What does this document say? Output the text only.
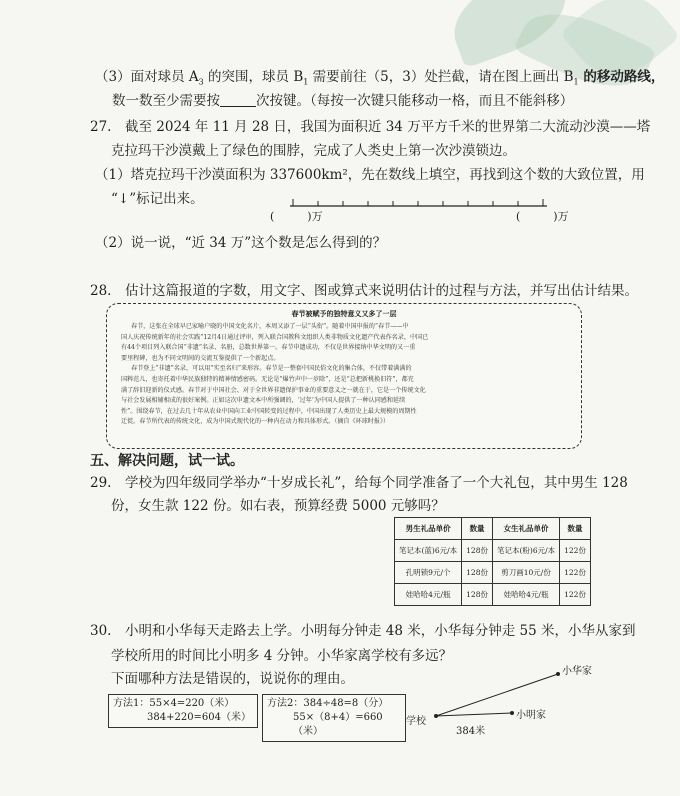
（3）面对球员 $A_3$ 的突围，球员 $B_1$ 需要前往（5，3）处拦截，请在图上画出 $B_1$ 的移动路线，
数一数至少需要按	次按键。（每按一次键只能移动一格，而且不能斜移）
27.　截至 2024 年 11 月 28 日，我国为面积近 34 万平方千米的世界第二大流动沙漠——塔
克拉玛干沙漠戴上了绿色的围脖，完成了人类史上第一次沙漠锁边。
（1）塔克拉玛干沙漠面积为 337600km²，先在数线上填空，再找到这个数的大致位置，用
“↓”标记出来。
(　　　)万	(　　　)万
（2）说一说，“近 34 万”这个数是怎么得到的？
28.　估计这篇报道的字数，用文字、图或算式来说明估计的过程与方法，并写出估计结果。
春节被赋予的独特意义又多了一层
春节，这张在全球早已家喻户晓的中国文化名片，本周又添了一层“头衔”。随着中国申报的“春节——中
国人庆祝传统新年的社会实践”12月4日通过评审，列入联合国教科文组织人类非物质文化遗产代表作名录，中国已
有44个项目列入联合国“非遗”名录、名册，总数世界第一。春节申遗成功，不仅是世界接纳中华文明的又一重
要里程碑，也为不同文明间的交流互鉴提供了一个新起点。
春节登上“非遗”名录，可以用“实至名归”来形容。春节是一整套中国民俗文化的集合体，不仅带着满满的
国粹范儿，也寄托着中华民族独特的精神情感密码。无论是“爆竹声中一岁除”，还是“总把新桃换旧符”，都充
满了辞旧迎新的仪式感。春节对于中国社会、对于全世界非遗保护事业的重要意义之一就在于，它是一个传统文化
与社会发展相辅相成的很好案例。正如这次申遗文本中所强调的，‘过年’为中国人提供了一种认同感和延续
性”。围绕春节，在过去几十年从农业中国向工业中国转变的过程中，中国出现了人类历史上最大规模的周期性
迁徙。春节所代表的传统文化，成为中国式现代化的一种内在动力和具体形式。（摘自《环球时报》）
五、解决问题，试一试。
29.　学校为四年级同学举办“十岁成长礼”，给每个同学准备了一个大礼包，其中男生 128
份，女生款 122 份。如右表，预算经费 5000 元够吗？
男生礼品单价	数量	女生礼品单价	数量
笔记本(蓝)6元/本	128份	笔记本(粉)6元/本	122份
孔明锁9元/个	128份	剪刀画10元/份	122份
娃哈哈4元/瓶	128份	娃哈哈4元/瓶	122份
30.　小明和小华每天走路去上学。小明每分钟走 48 米，小华每分钟走 55 米，小华从家到
学校所用的时间比小明多 4 分钟。小华家离学校有多远？
下面哪种方法是错误的，说说你的理由。
方法1：55×4=220（米）
384+220=604（米）
方法2：384÷48=8（分）
55×（8+4）=660（米）
小华家
小明家
学校
384米
